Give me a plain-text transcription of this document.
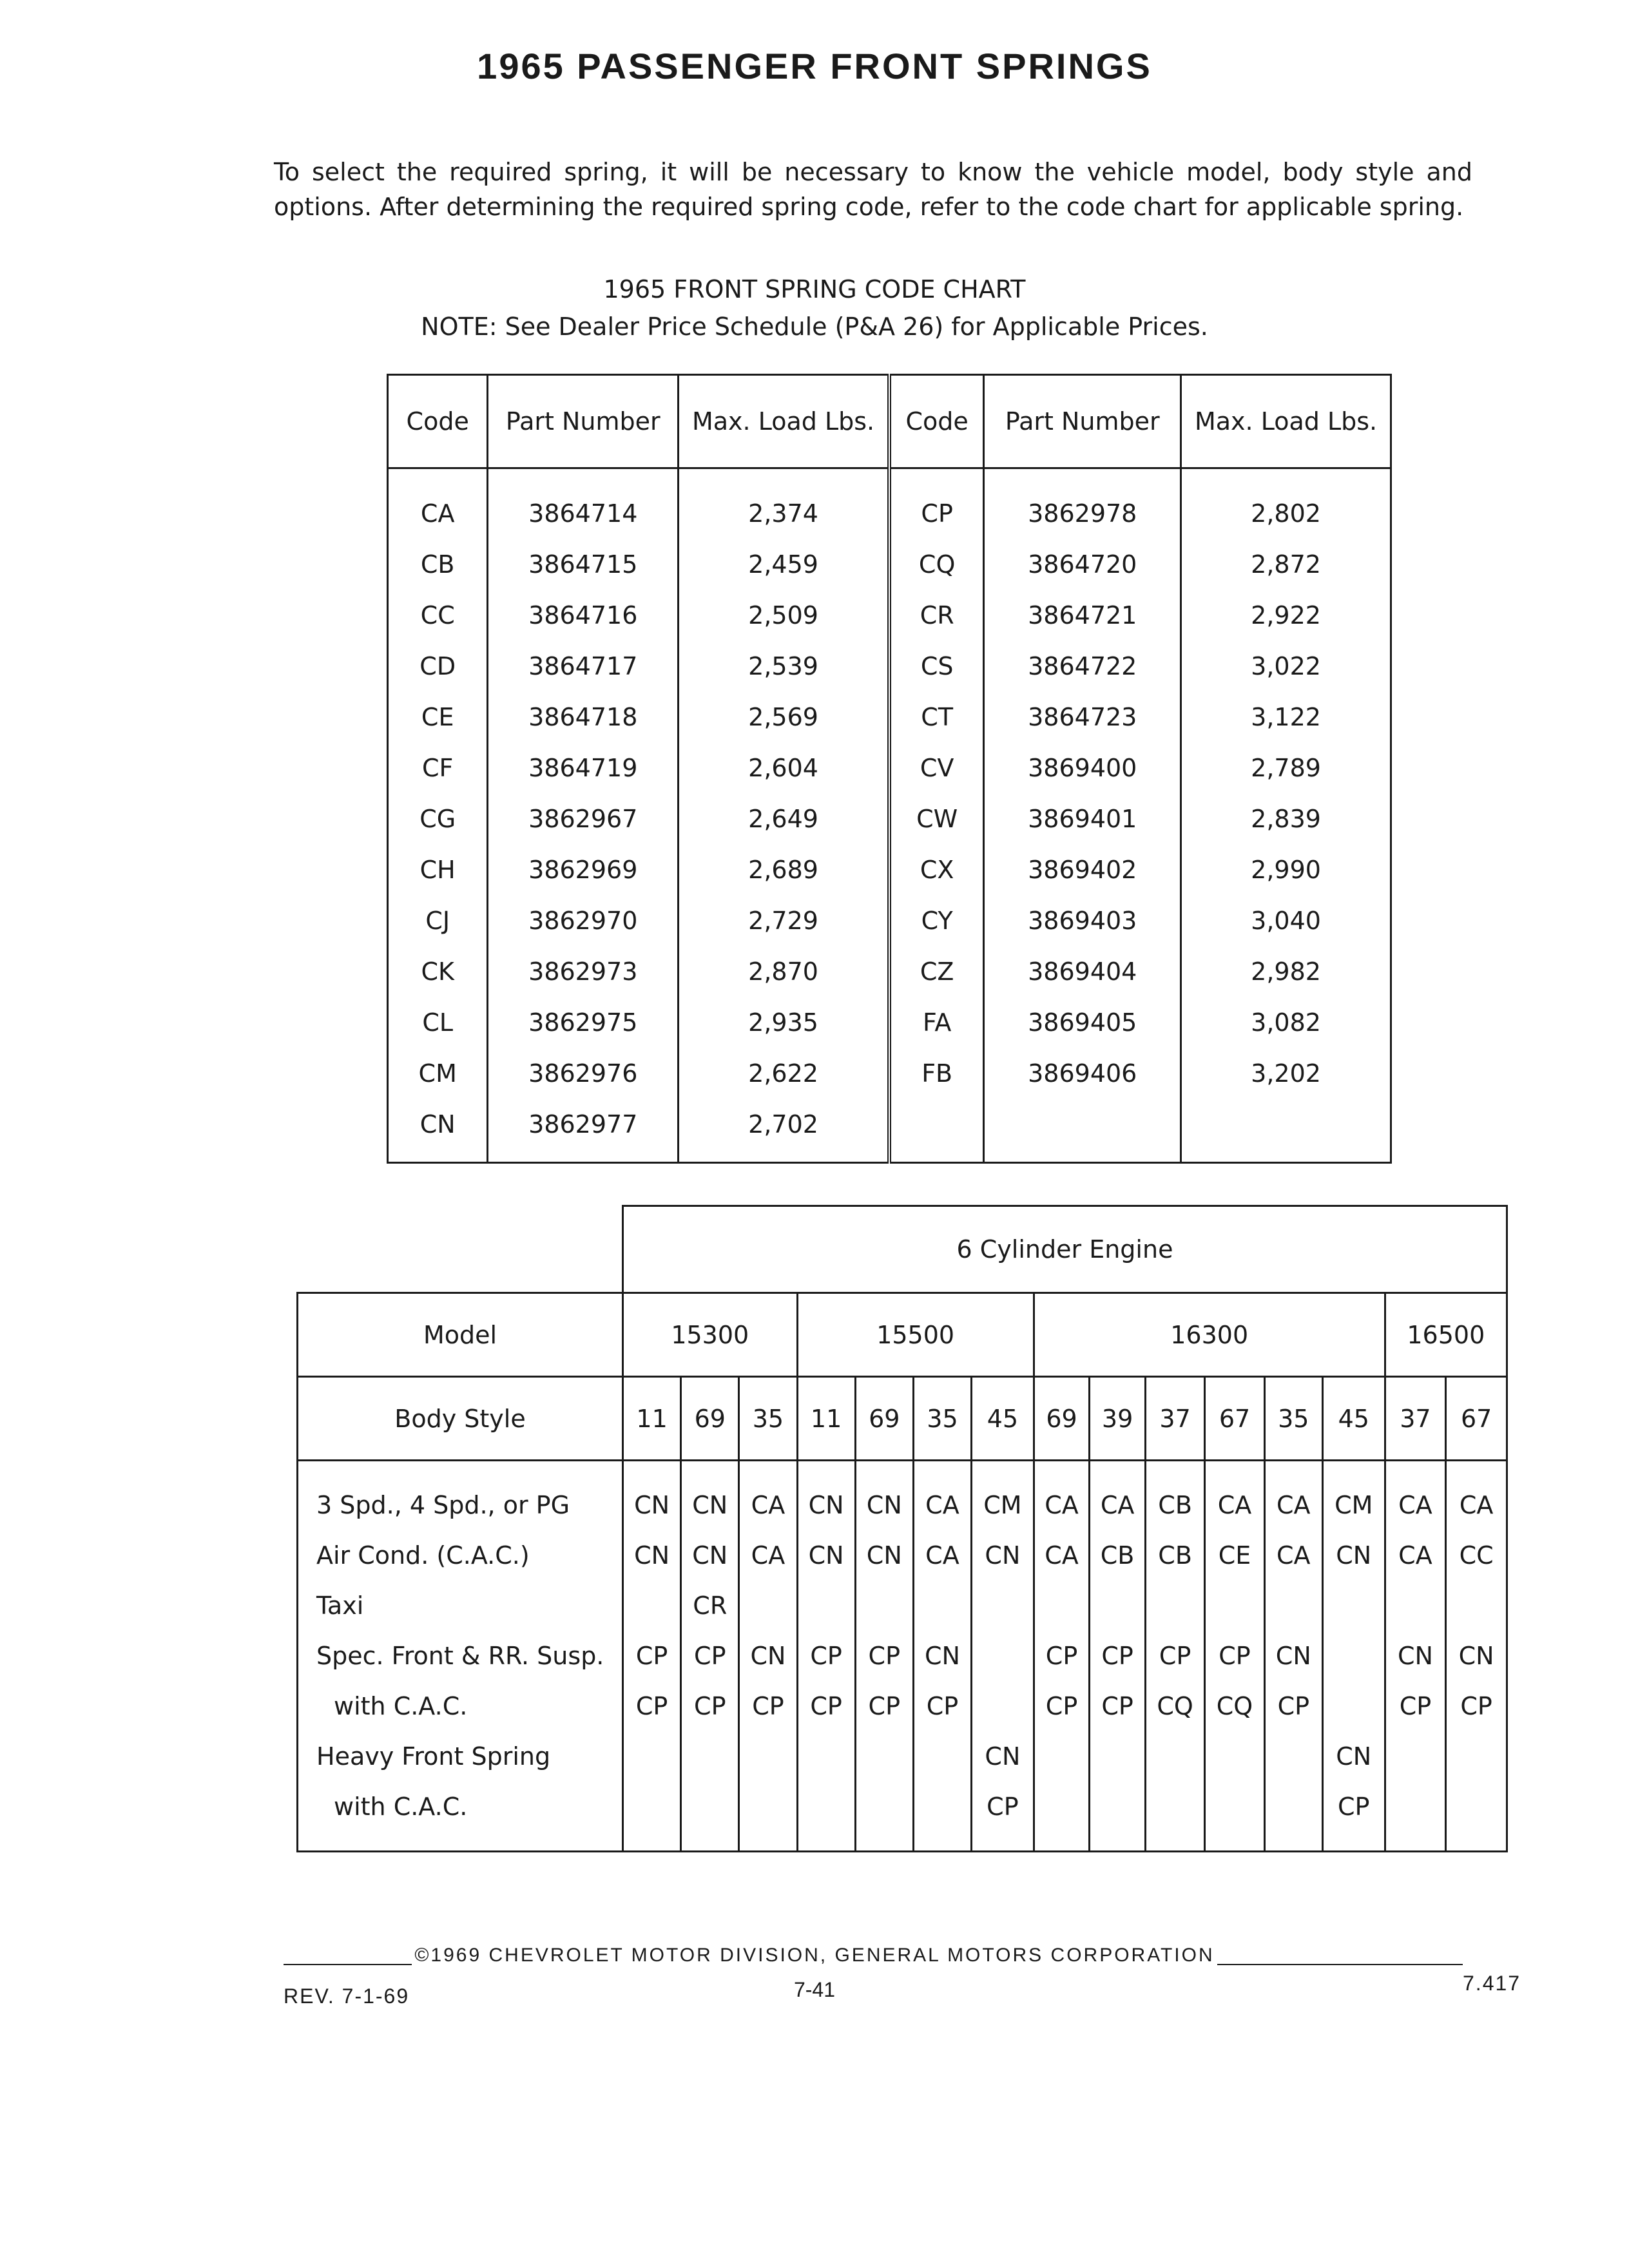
1965 PASSENGER FRONT SPRINGS
To select the required spring, it will be necessary to know the vehicle model, body style and options. After determining the required spring code, refer to the code chart for applicable spring.
1965 FRONT SPRING CODE CHART
NOTE: See Dealer Price Schedule (P&A 26) for Applicable Prices.
Code	Part Number	Max. Load Lbs.	Code	Part Number	Max. Load Lbs.
CA	3864714	2,374	CP	3862978	2,802
CB	3864715	2,459	CQ	3864720	2,872
CC	3864716	2,509	CR	3864721	2,922
CD	3864717	2,539	CS	3864722	3,022
CE	3864718	2,569	CT	3864723	3,122
CF	3864719	2,604	CV	3869400	2,789
CG	3862967	2,649	CW	3869401	2,839
CH	3862969	2,689	CX	3869402	2,990
CJ	3862970	2,729	CY	3869403	3,040
CK	3862973	2,870	CZ	3869404	2,982
CL	3862975	2,935	FA	3869405	3,082
CM	3862976	2,622	FB	3869406	3,202
CN	3862977	2,702			
	6 Cylinder Engine														
Model	15300			15500				16300						16500	
Body Style	11	69	35	11	69	35	45	69	39	37	67	35	45	37	67
3 Spd., 4 Spd., or PG	CN	CN	CA	CN	CN	CA	CM	CA	CA	CB	CA	CA	CM	CA	CA
Air Cond. (C.A.C.)	CN	CN	CA	CN	CN	CA	CN	CA	CB	CB	CE	CA	CN	CA	CC
Taxi		CR													
Spec. Front & RR. Susp.	CP	CP	CN	CP	CP	CN		CP	CP	CP	CP	CN		CN	CN
with C.A.C.	CP	CP	CP	CP	CP	CP		CP	CP	CQ	CQ	CP		CP	CP
Heavy Front Spring							CN						CN		
with C.A.C.							CP						CP		
©1969 CHEVROLET MOTOR DIVISION, GENERAL MOTORS CORPORATION
REV. 7-1-69	7-41	7.417
